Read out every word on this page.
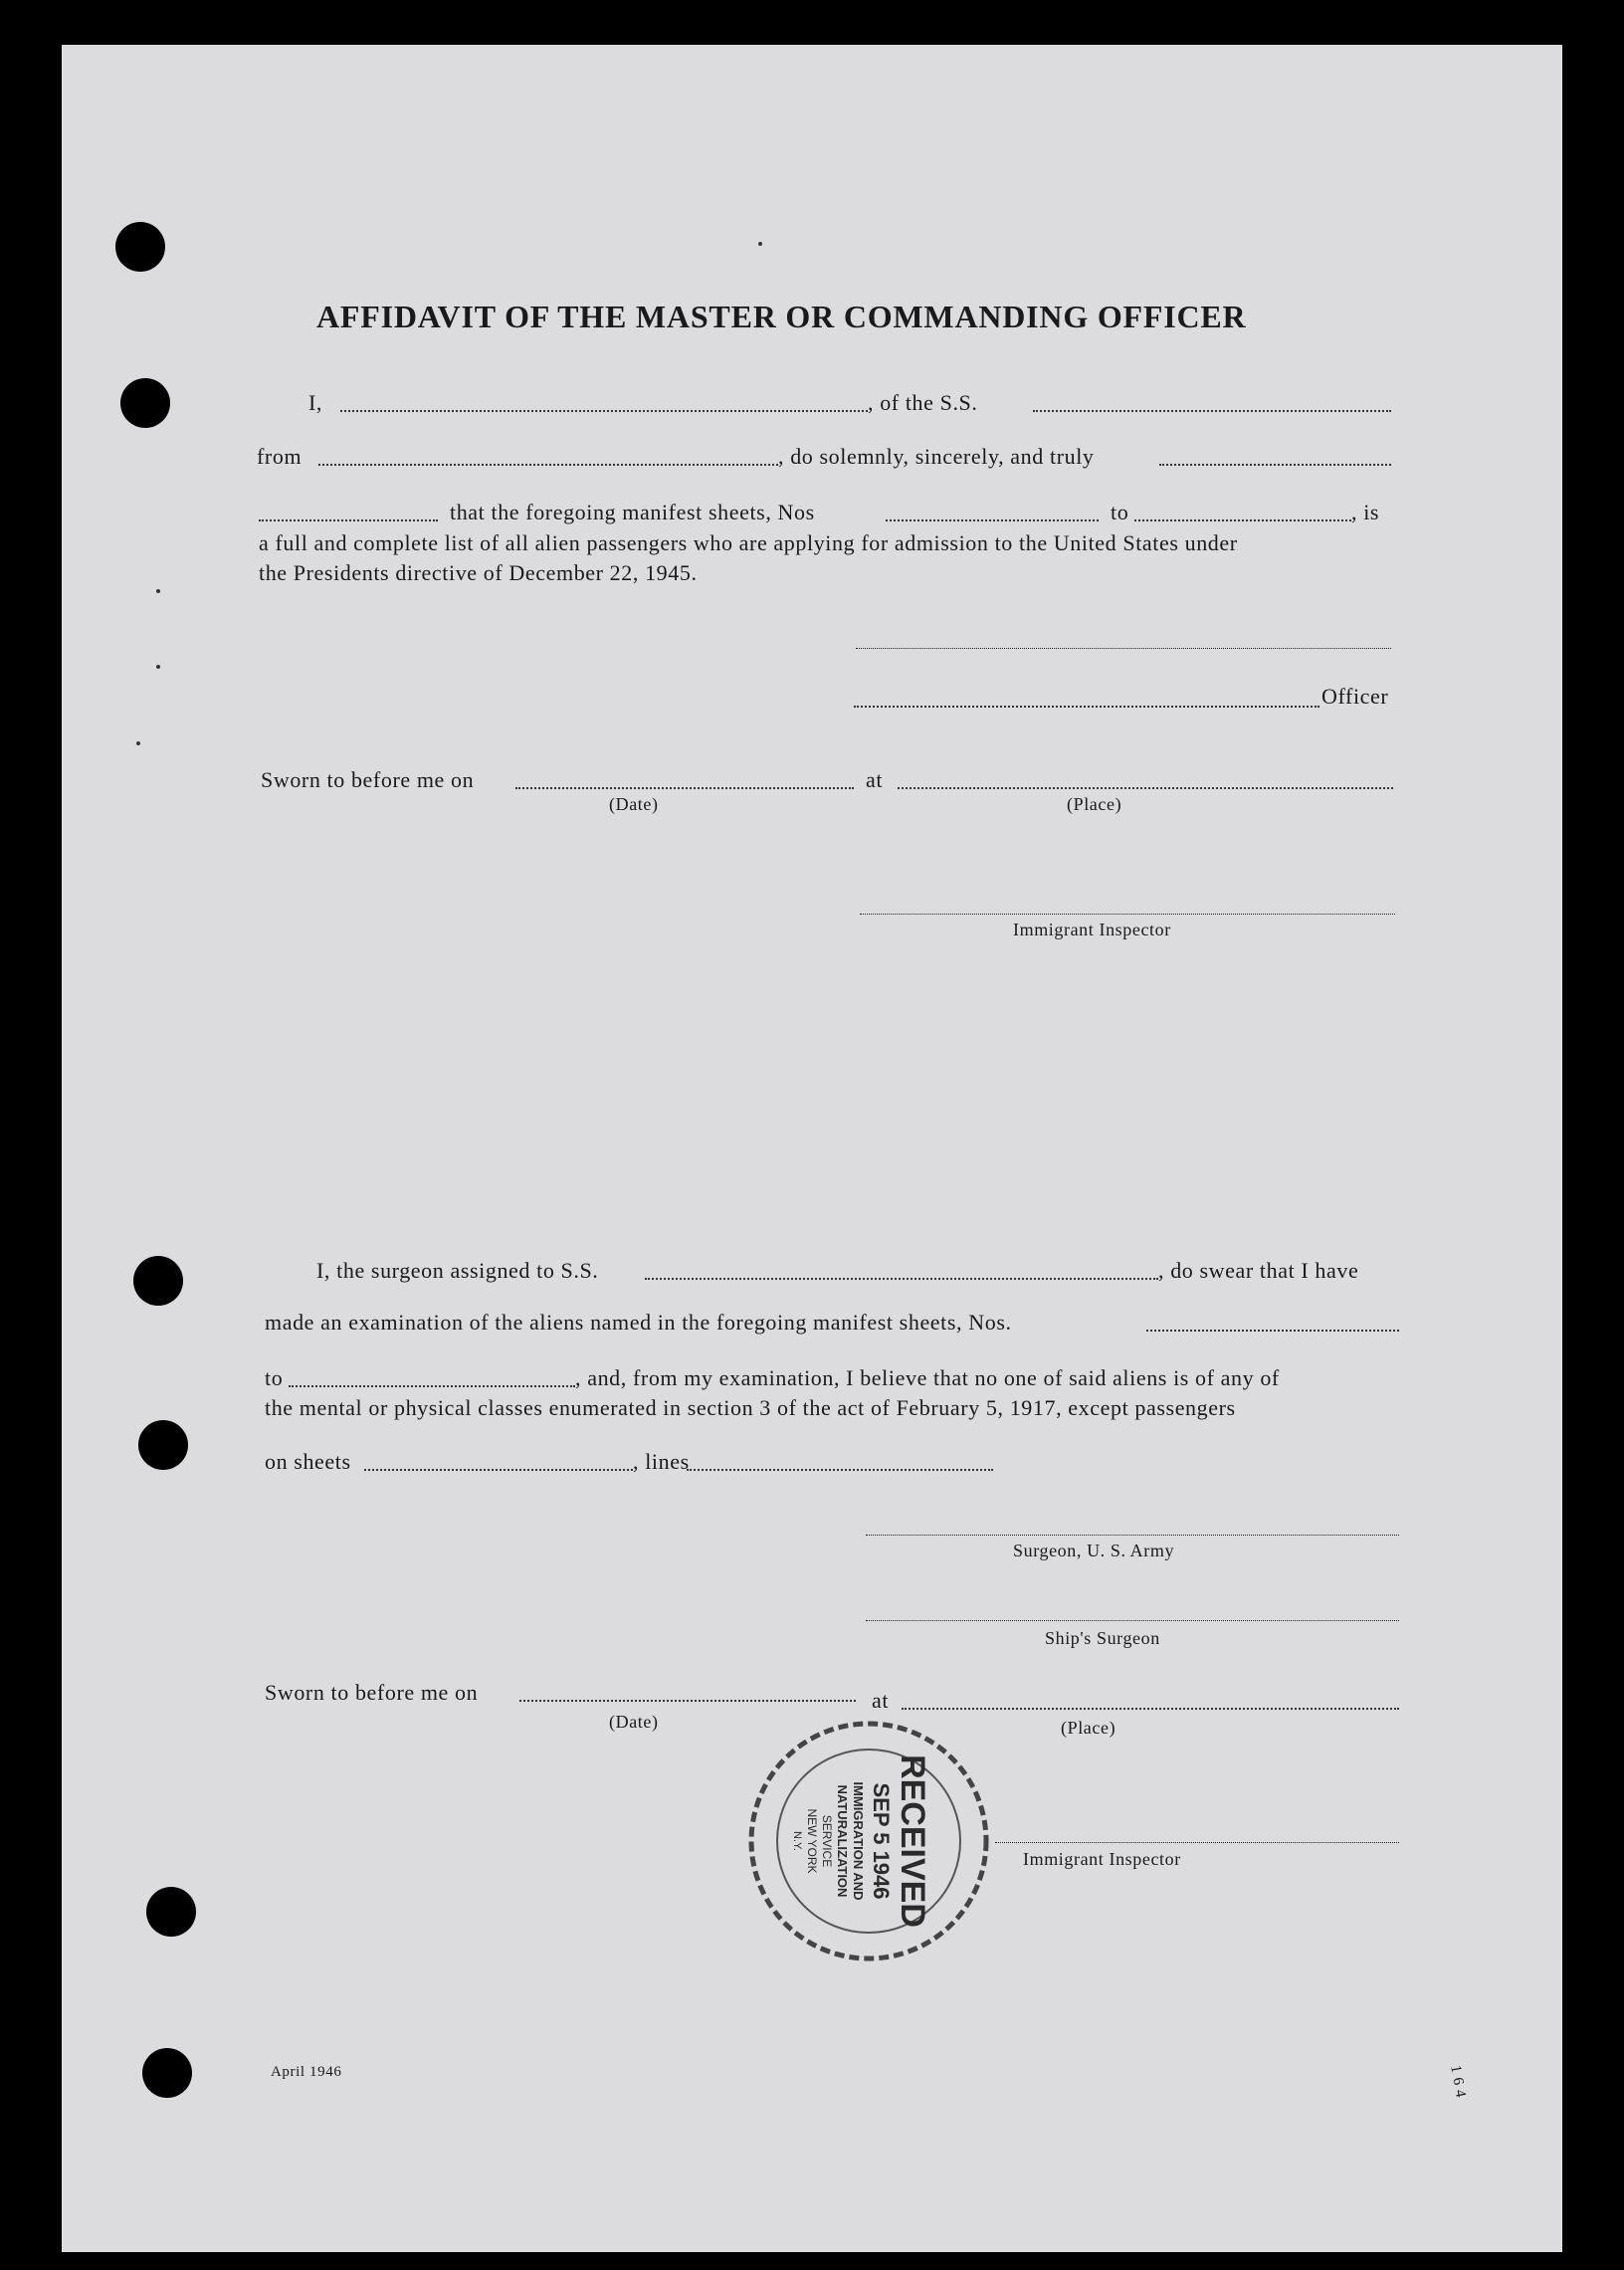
AFFIDAVIT OF THE MASTER OR COMMANDING OFFICER
I,	, of the S.S.
from	, do solemnly, sincerely, and truly
that the foregoing manifest sheets, Nos	to	, is
a full and complete list of all alien passengers who are applying for admission to the United States under
the Presidents directive of December 22, 1945.
Officer
Sworn to before me on	at
(Date)	(Place)
Immigrant Inspector
I, the surgeon assigned to S.S.	, do swear that I have
made an examination of the aliens named in the foregoing manifest sheets, Nos.
to	, and, from my examination, I believe that no one of said aliens is of any of
the mental or physical classes enumerated in section 3 of the act of February 5, 1917, except passengers
on sheets	, lines
Surgeon, U. S. Army
Ship's Surgeon
Sworn to before me on	at
(Date)	(Place)
Immigrant Inspector
RECEIVED
SEP 5 1946
IMMIGRATION AND
NATURALIZATION
SERVICE
NEW YORK
N.Y.
April 1946	1 6 4
